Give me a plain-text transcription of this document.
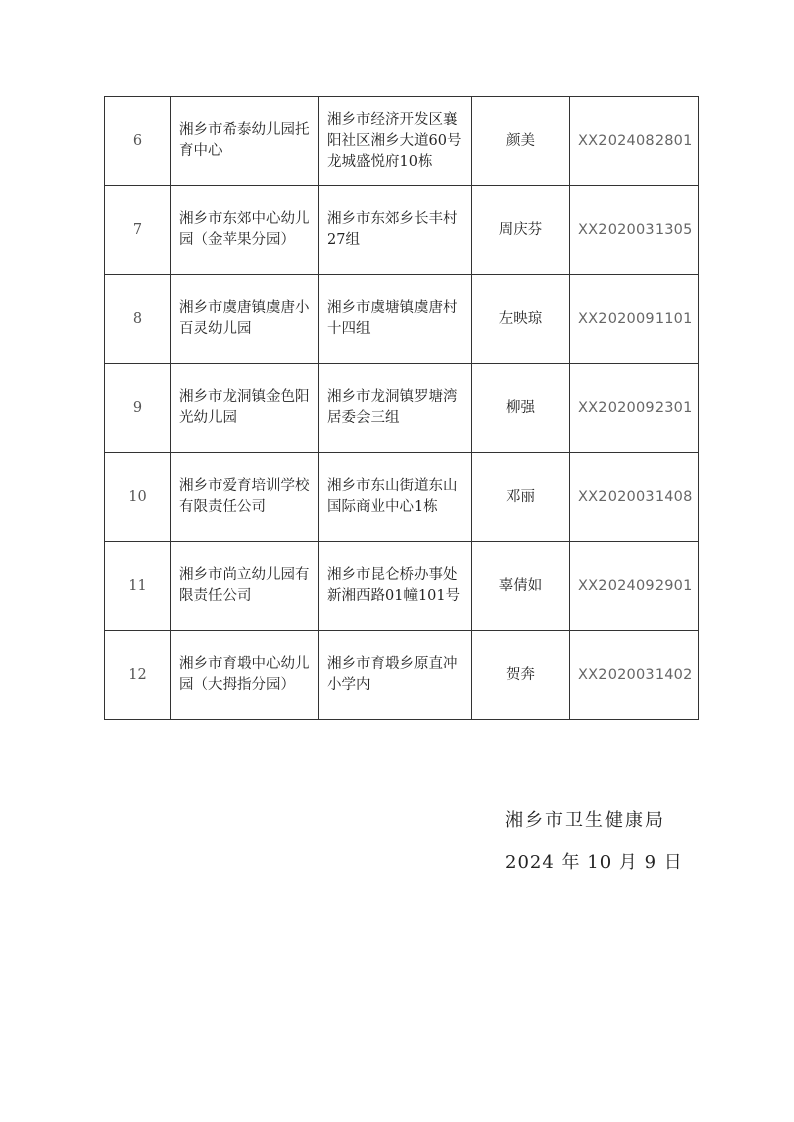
6	湘乡市希泰幼儿园托育中心	湘乡市经济开发区襄阳社区湘乡大道60号龙城盛悦府10栋	颜美	XX2024082801
7	湘乡市东郊中心幼儿园（金苹果分园）	湘乡市东郊乡长丰村27组	周庆芬	XX2020031305
8	湘乡市虞唐镇虞唐小百灵幼儿园	湘乡市虞塘镇虞唐村十四组	左映琼	XX2020091101
9	湘乡市龙洞镇金色阳光幼儿园	湘乡市龙洞镇罗塘湾居委会三组	柳强	XX2020092301
10	湘乡市爱育培训学校有限责任公司	湘乡市东山街道东山国际商业中心1栋	邓丽	XX2020031408
11	湘乡市尚立幼儿园有限责任公司	湘乡市昆仑桥办事处新湘西路01幢101号	辜倩如	XX2024092901
12	湘乡市育塅中心幼儿园（大拇指分园）	湘乡市育塅乡原直冲小学内	贺奔	XX2020031402
湘乡市卫生健康局
2024 年 10 月 9 日
